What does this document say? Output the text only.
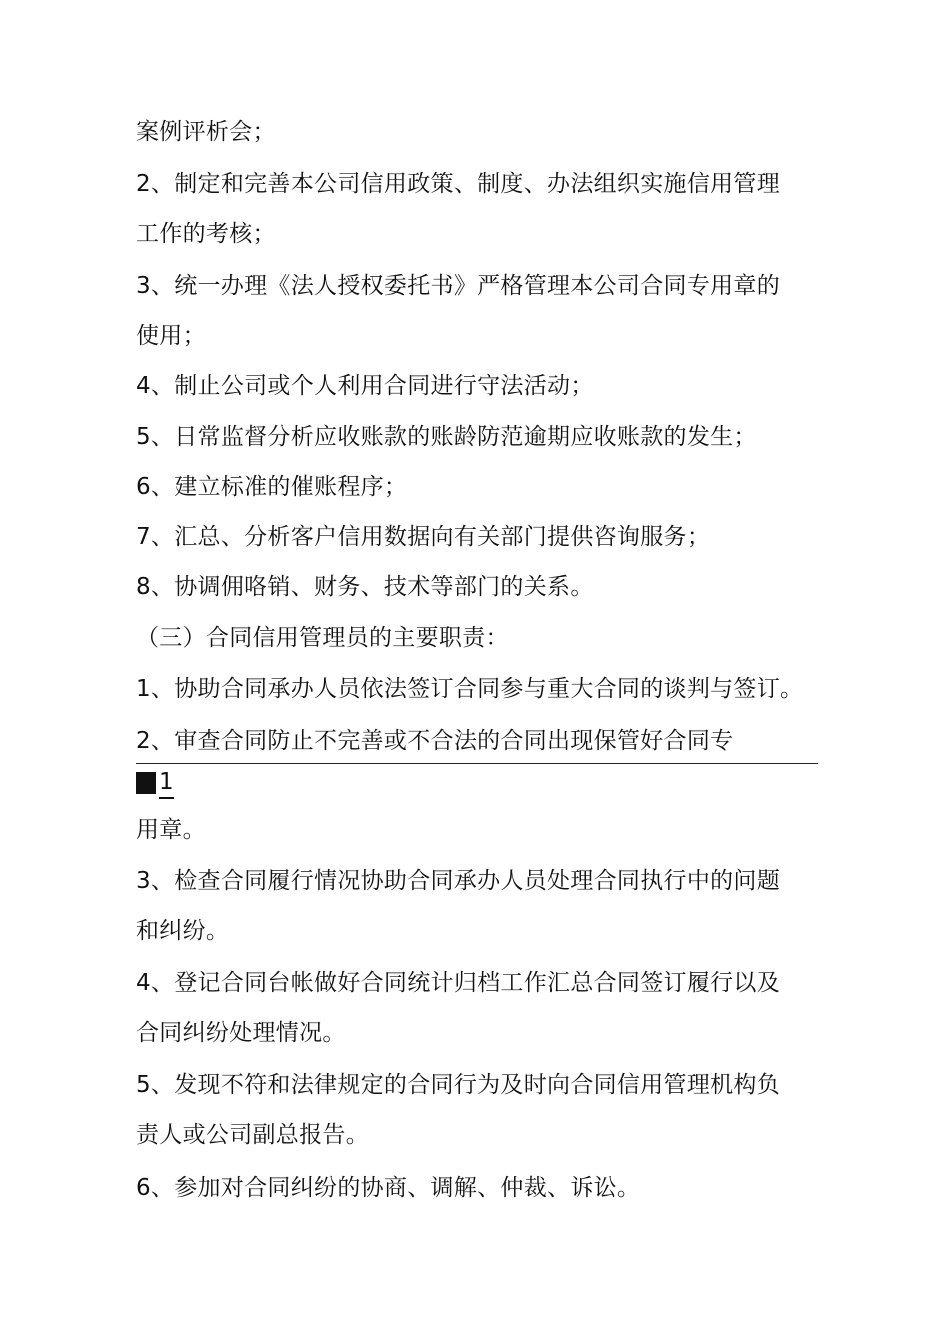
案例评析会；
2、制定和完善本公司信用政策、制度、办法组织实施信用管理
工作的考核；
3、统一办理《法人授权委托书》严格管理本公司合同专用章的
使用；
4、制止公司或个人利用合同进行守法活动；
5、日常监督分析应收账款的账龄防范逾期应收账款的发生；
6、建立标准的催账程序；
7、汇总、分析客户信用数据向有关部门提供咨询服务；
8、协调佣咯销、财务、技术等部门的关系。
（三）合同信用管理员的主要职责：
1、协助合同承办人员依法签订合同参与重大合同的谈判与签订。
2、审查合同防止不完善或不合法的合同出现保管好合同专
1
用章。
3、检查合同履行情况协助合同承办人员处理合同执行中的问题
和纠纷。
4、登记合同台帐做好合同统计归档工作汇总合同签订履行以及
合同纠纷处理情况。
5、发现不符和法律规定的合同行为及时向合同信用管理机构负
责人或公司副总报告。
6、参加对合同纠纷的协商、调解、仲裁、诉讼。
